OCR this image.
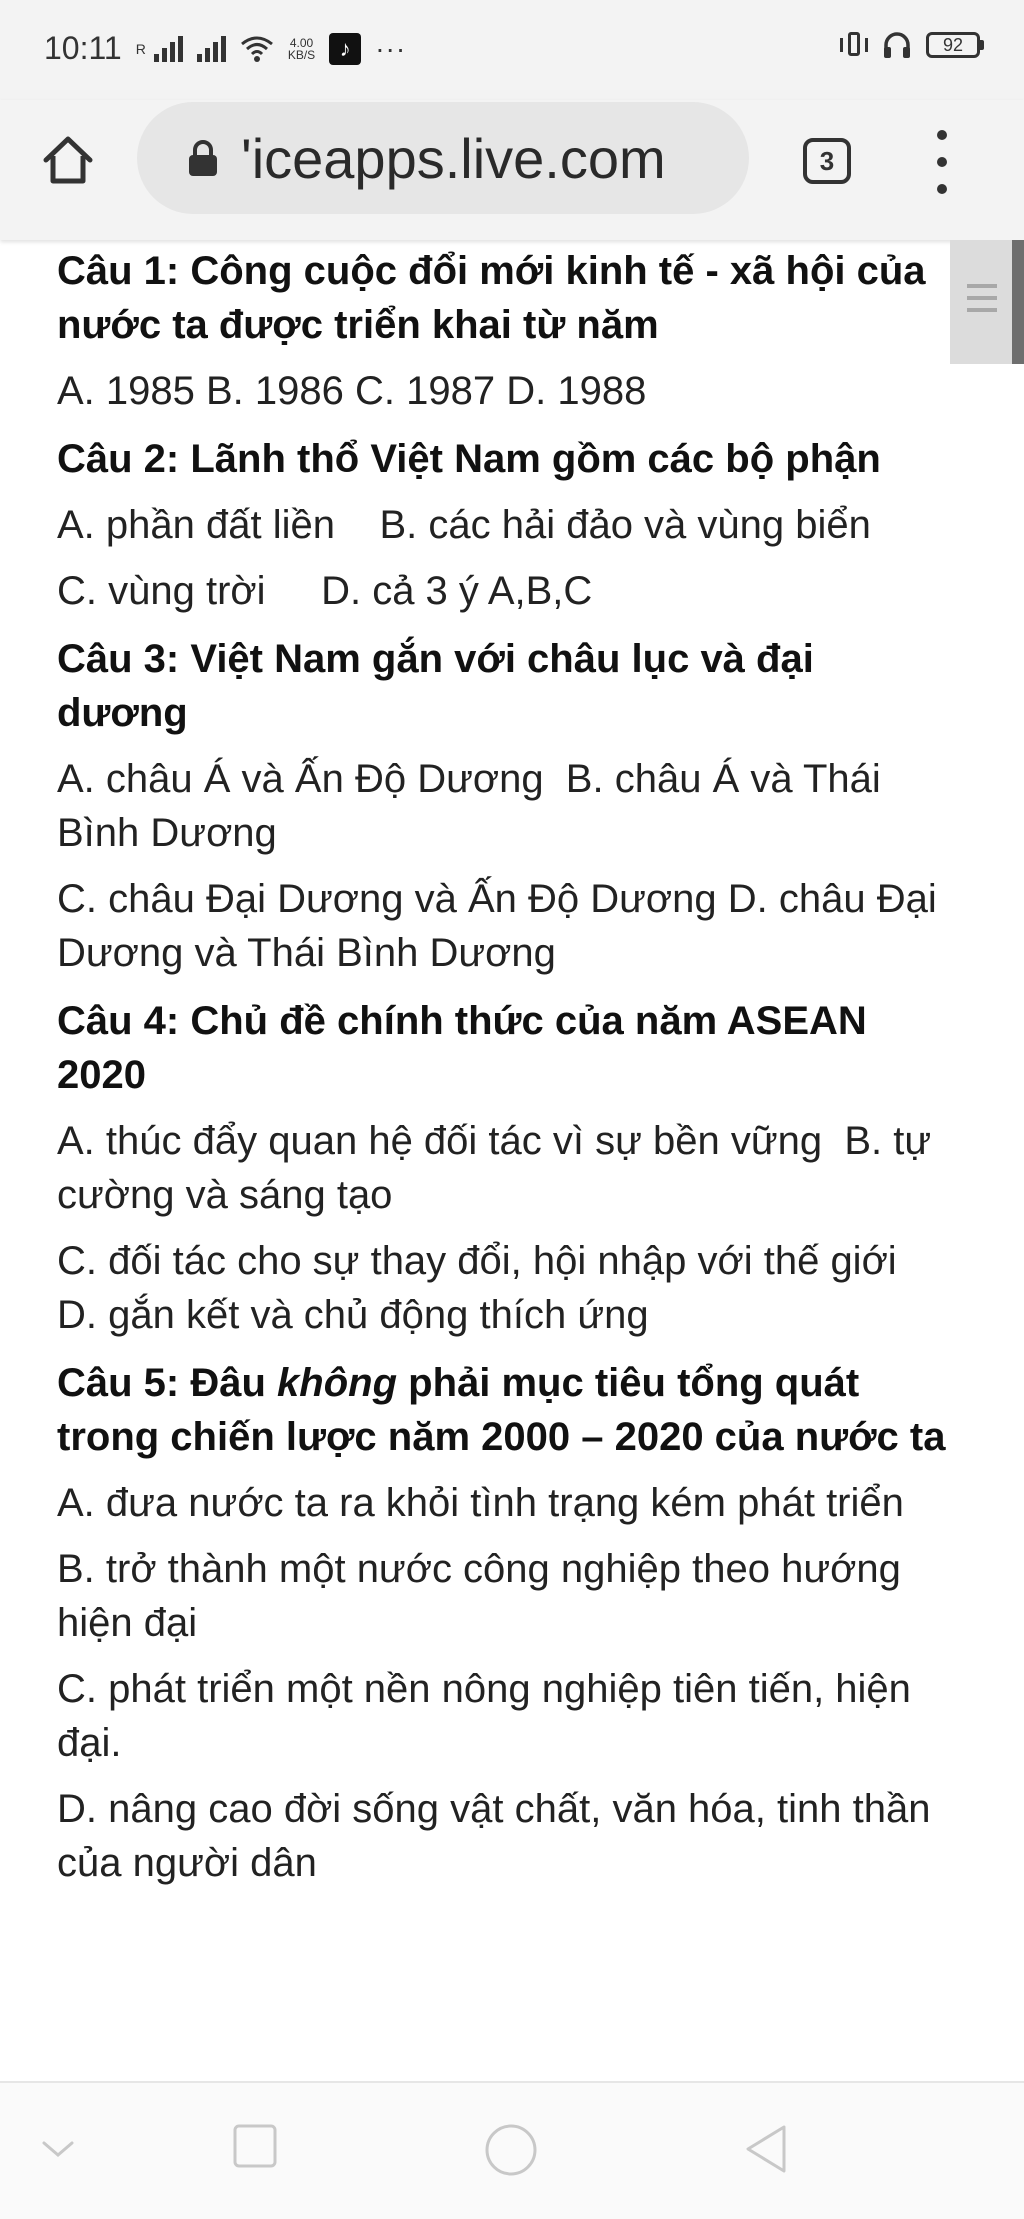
10:11 R	4.00
KB/S	♪ ···	92
'iceapps.live.com	3
Câu 1: Công cuộc đổi mới kinh tế - xã hội của nước ta được triển khai từ năm
A. 1985 B. 1986 C. 1987 D. 1988
Câu 2: Lãnh thổ Việt Nam gồm các bộ phận
A. phần đất liền    B. các hải đảo và vùng biển
C. vùng trời     D. cả 3 ý A,B,C
Câu 3: Việt Nam gắn với châu lục và đại dương
A. châu Á và Ấn Độ Dương  B. châu Á và Thái Bình Dương
C. châu Đại Dương và Ấn Độ Dương D. châu Đại Dương và Thái Bình Dương
Câu 4: Chủ đề chính thức của năm ASEAN 2020
A. thúc đẩy quan hệ đối tác vì sự bền vững  B. tự cường và sáng tạo
C. đối tác cho sự thay đổi, hội nhập với thế giới  D. gắn kết và chủ động thích ứng
Câu 5: Đâu không phải mục tiêu tổng quát trong chiến lược năm 2000 – 2020 của nước ta
A. đưa nước ta ra khỏi tình trạng kém phát triển
B. trở thành một nước công nghiệp theo hướng hiện đại
C. phát triển một nền nông nghiệp tiên tiến, hiện đại.
D. nâng cao đời sống vật chất, văn hóa, tinh thần của người dân
